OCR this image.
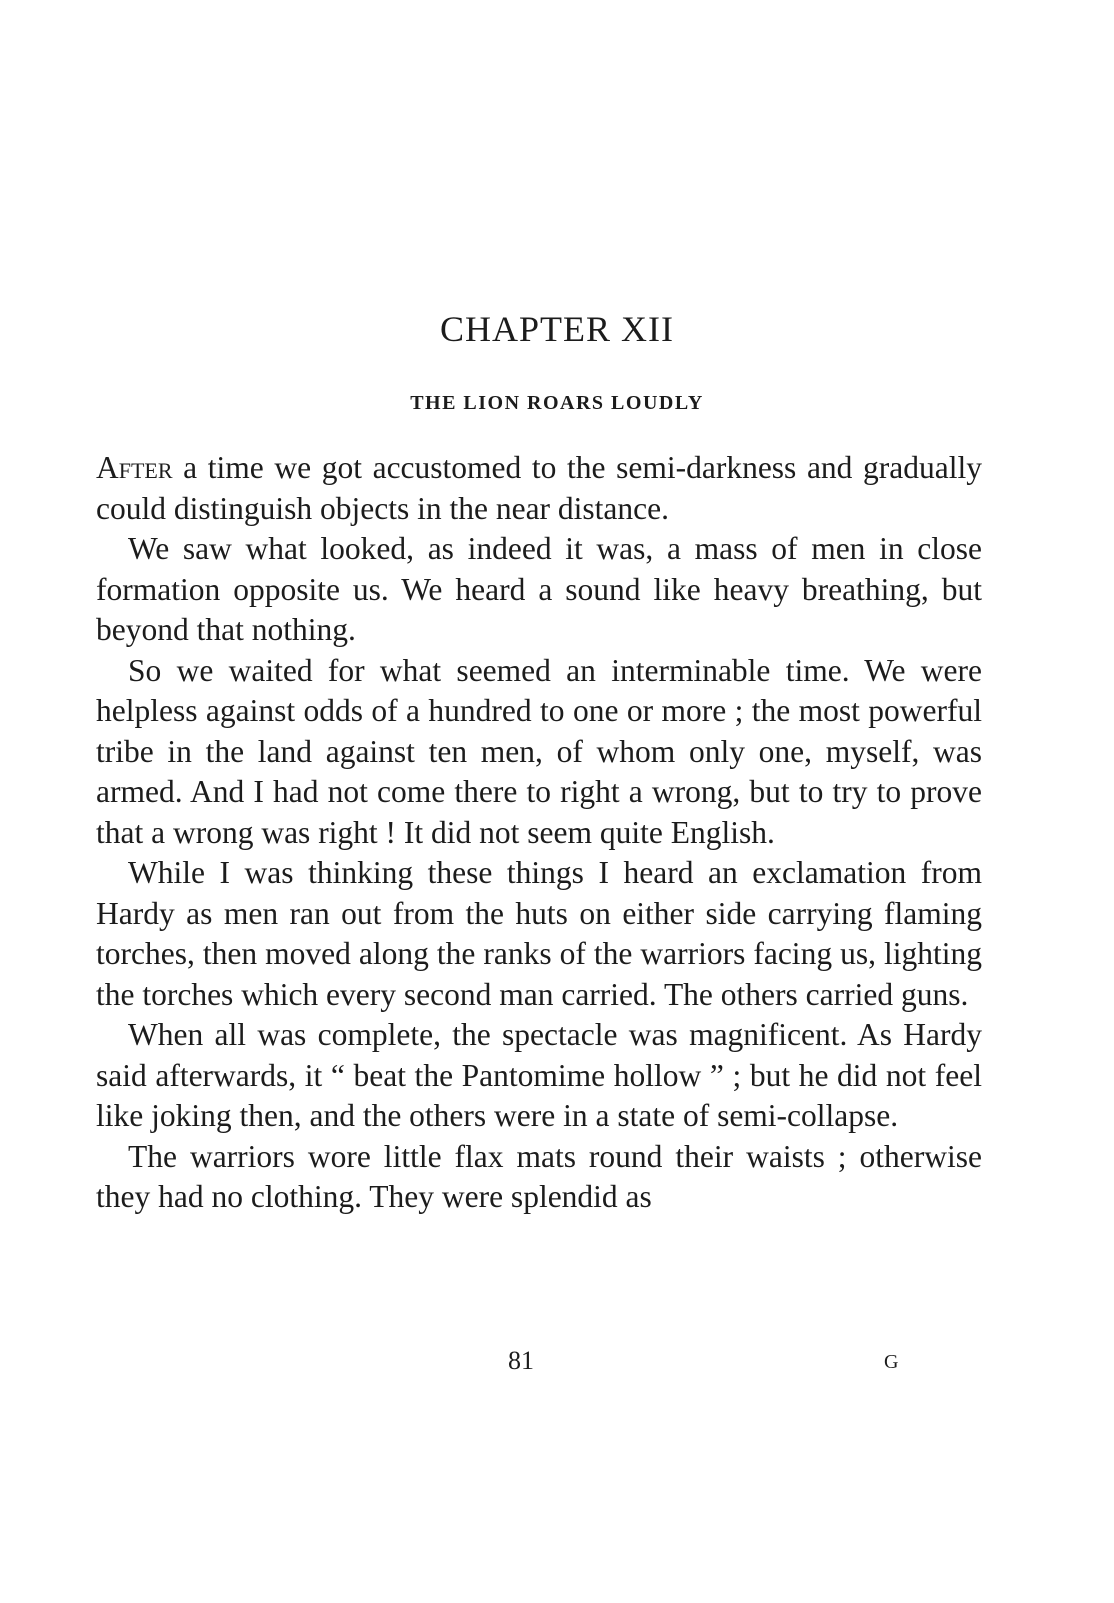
CHAPTER XII
THE LION ROARS LOUDLY

After a time we got accustomed to the semi-darkness and gradually could distinguish objects in the near distance.

We saw what looked, as indeed it was, a mass of men in close formation opposite us. We heard a sound like heavy breathing, but beyond that nothing.

So we waited for what seemed an interminable time. We were helpless against odds of a hundred to one or more ; the most powerful tribe in the land against ten men, of whom only one, myself, was armed. And I had not come there to right a wrong, but to try to prove that a wrong was right ! It did not seem quite English.

While I was thinking these things I heard an exclamation from Hardy as men ran out from the huts on either side carrying flaming torches, then moved along the ranks of the warriors facing us, lighting the torches which every second man carried. The others carried guns.

When all was complete, the spectacle was magnificent. As Hardy said afterwards, it “ beat the Pantomime hollow ” ; but he did not feel like joking then, and the others were in a state of semi-collapse.

The warriors wore little flax mats round their waists ; otherwise they had no clothing. They were splendid as

81	G
